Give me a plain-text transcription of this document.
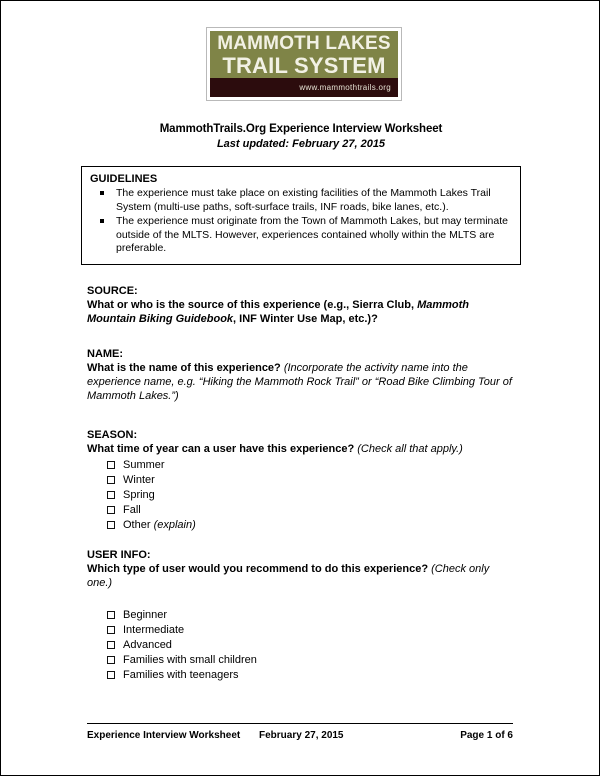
MAMMOTH LAKES
TRAIL SYSTEM
www.mammothtrails.org
MammothTrails.Org Experience Interview Worksheet
Last updated: February 27, 2015
GUIDELINES
The experience must take place on existing facilities of the Mammoth Lakes Trail System (multi-use paths, soft-surface trails, INF roads, bike lanes, etc.).
The experience must originate from the Town of Mammoth Lakes, but may terminate outside of the MLTS. However, experiences contained wholly within the MLTS are preferable.
SOURCE:
What or who is the source of this experience (e.g., Sierra Club, Mammoth Mountain Biking Guidebook, INF Winter Use Map, etc.)?
NAME:
What is the name of this experience? (Incorporate the activity name into the experience name, e.g. “Hiking the Mammoth Rock Trail” or “Road Bike Climbing Tour of Mammoth Lakes.”)
SEASON:
What time of year can a user have this experience? (Check all that apply.)
Summer
Winter
Spring
Fall
Other (explain)
USER INFO:
Which type of user would you recommend to do this experience? (Check only one.)
Beginner
Intermediate
Advanced
Families with small children
Families with teenagers
Experience Interview Worksheet February 27, 2015	Page 1 of 6
